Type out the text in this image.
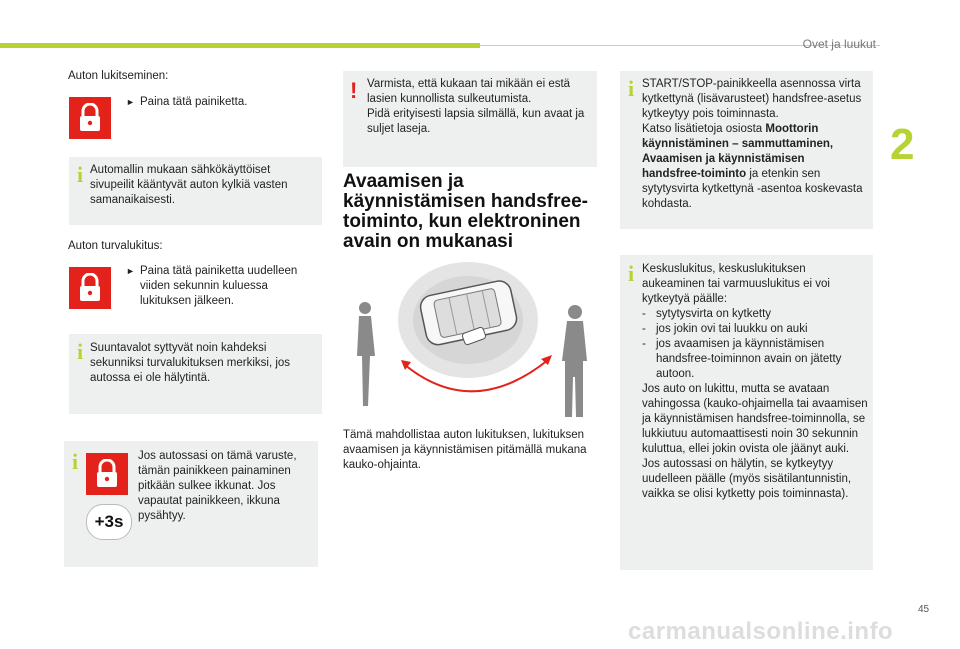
Ovet ja luukut
2
Auton lukitseminen:
► Paina tätä painiketta.
i Automallin mukaan sähkökäyttöiset sivupeilit kääntyvät auton kylkiä vasten samanaikaisesti.
Auton turvalukitus:
► Paina tätä painiketta uudelleen viiden sekunnin kuluessa lukituksen jälkeen.
i Suuntavalot syttyvät noin kahdeksi sekunniksi turvalukituksen merkiksi, jos autossa ei ole hälytintä.
i
+3s
Jos autossasi on tämä varuste, tämän painikkeen painaminen pitkään sulkee ikkunat. Jos vapautat painikkeen, ikkuna pysähtyy.
! Varmista, että kukaan tai mikään ei estä lasien kunnollista sulkeutumista.
Pidä erityisesti lapsia silmällä, kun avaat ja suljet laseja.
Avaamisen ja
käynnistämisen handsfree-
toiminto, kun elektroninen
avain on mukanasi
Tämä mahdollistaa auton lukituksen, lukituksen avaamisen ja käynnistämisen pitämällä mukana kauko-ohjainta.
i START/STOP-painikkeella asennossa virta kytkettynä (lisävarusteet) handsfree-asetus kytkeytyy pois toiminnasta.
Katso lisätietoja osiosta Moottorin käynnistäminen – sammuttaminen, Avaamisen ja käynnistämisen handsfree-toiminto ja etenkin sen sytytysvirta kytkettynä -asentoa koskevasta kohdasta.
i Keskuslukitus, keskuslukituksen aukeaminen tai varmuuslukitus ei voi kytkeytyä päälle:
- sytytysvirta on kytketty
- jos jokin ovi tai luukku on auki
- jos avaamisen ja käynnistämisen handsfree-toiminnon avain on jätetty autoon.
Jos auto on lukittu, mutta se avataan vahingossa (kauko-ohjaimella tai avaamisen ja käynnistämisen handsfree-toiminnolla, se lukkiutuu automaattisesti noin 30 sekunnin kuluttua, ellei jokin ovista ole jäänyt auki.
Jos autossasi on hälytin, se kytkeytyy uudelleen päälle (myös sisätilantunnistin, vaikka se olisi kytketty pois toiminnasta).
45
carmanualsonline.info
